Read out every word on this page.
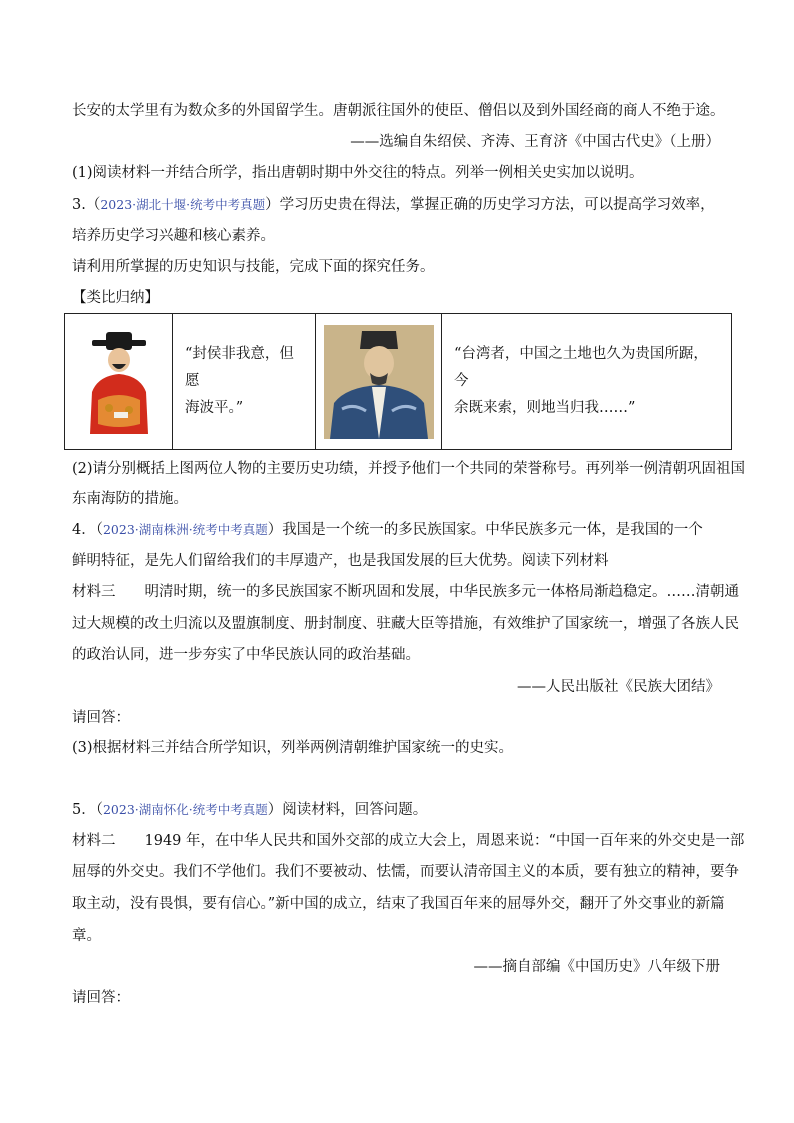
长安的太学里有为数众多的外国留学生。唐朝派往国外的使臣、僧侣以及到外国经商的商人不绝于途。
——选编自朱绍侯、齐涛、王育济《中国古代史》（上册）
(1)阅读材料一并结合所学，指出唐朝时期中外交往的特点。列举一例相关史实加以说明。
3.（2023·湖北十堰·统考中考真题）学习历史贵在得法，掌握正确的历史学习方法，可以提高学习效率，
培养历史学习兴趣和核心素养。
请利用所掌握的历史知识与技能，完成下面的探究任务。
【类比归纳】

“封侯非我意，但愿
海波平。”

“台湾者，中国之土地也久为贵国所踞，今
余既来索，则地当归我……”
(2)请分别概括上图两位人物的主要历史功绩，并授予他们一个共同的荣誉称号。再列举一例清朝巩固祖国
东南海防的措施。
4．（2023·湖南株洲·统考中考真题）我国是一个统一的多民族国家。中华民族多元一体，是我国的一个
鲜明特征，是先人们留给我们的丰厚遗产，也是我国发展的巨大优势。阅读下列材料
材料三　　明清时期，统一的多民族国家不断巩固和发展，中华民族多元一体格局渐趋稳定。……清朝通
过大规模的改土归流以及盟旗制度、册封制度、驻藏大臣等措施，有效维护了国家统一，增强了各族人民
的政治认同，进一步夯实了中华民族认同的政治基础。
——人民出版社《民族大团结》
请回答：
(3)根据材料三并结合所学知识，列举两例清朝维护国家统一的史实。
5．（2023·湖南怀化·统考中考真题）阅读材料，回答问题。
材料二　　1949 年，在中华人民共和国外交部的成立大会上，周恩来说：“中国一百年来的外交史是一部
屈辱的外交史。我们不学他们。我们不要被动、怯懦，而要认清帝国主义的本质，要有独立的精神，要争
取主动，没有畏惧，要有信心。”新中国的成立，结束了我国百年来的屈辱外交，翻开了外交事业的新篇
章。
——摘自部编《中国历史》八年级下册
请回答：
